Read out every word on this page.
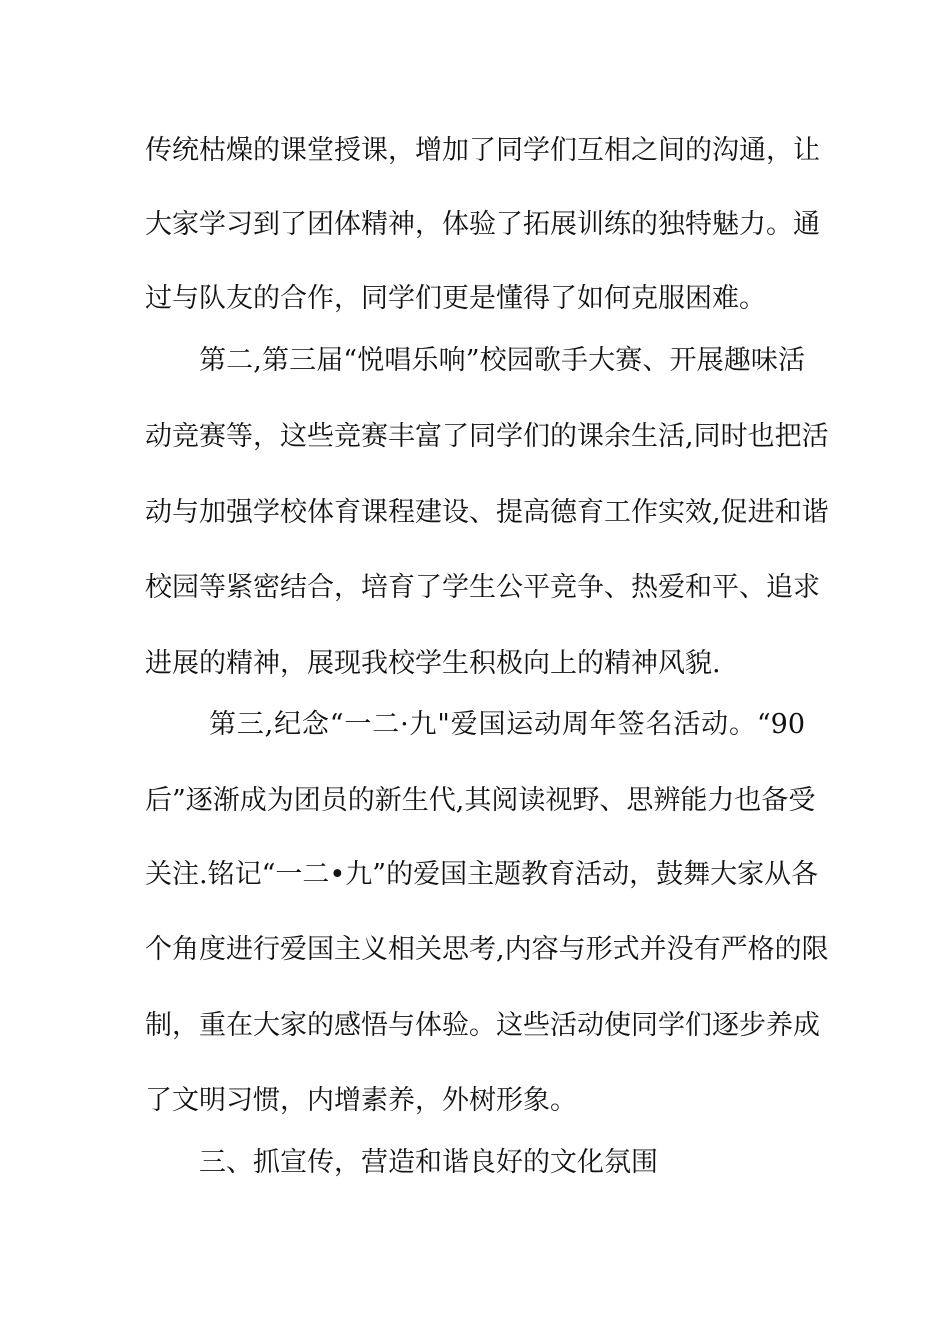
传统枯燥的课堂授课，增加了同学们互相之间的沟通，让
大家学习到了团体精神，体验了拓展训练的独特魅力。通
过与队友的合作，同学们更是懂得了如何克服困难。
第二,第三届“悦唱乐响”校园歌手大赛、开展趣味活
动竞赛等，这些竞赛丰富了同学们的课余生活,同时也把活
动与加强学校体育课程建设、提高德育工作实效,促进和谐
校园等紧密结合，培育了学生公平竞争、热爱和平、追求
进展的精神，展现我校学生积极向上的精神风貌.
第三,纪念“一二·九"爱国运动周年签名活动。“90
后”逐渐成为团员的新生代,其阅读视野、思辨能力也备受
关注.铭记“一二•九”的爱国主题教育活动，鼓舞大家从各
个角度进行爱国主义相关思考,内容与形式并没有严格的限
制，重在大家的感悟与体验。这些活动使同学们逐步养成
了文明习惯，内增素养，外树形象。
三、抓宣传，营造和谐良好的文化氛围
